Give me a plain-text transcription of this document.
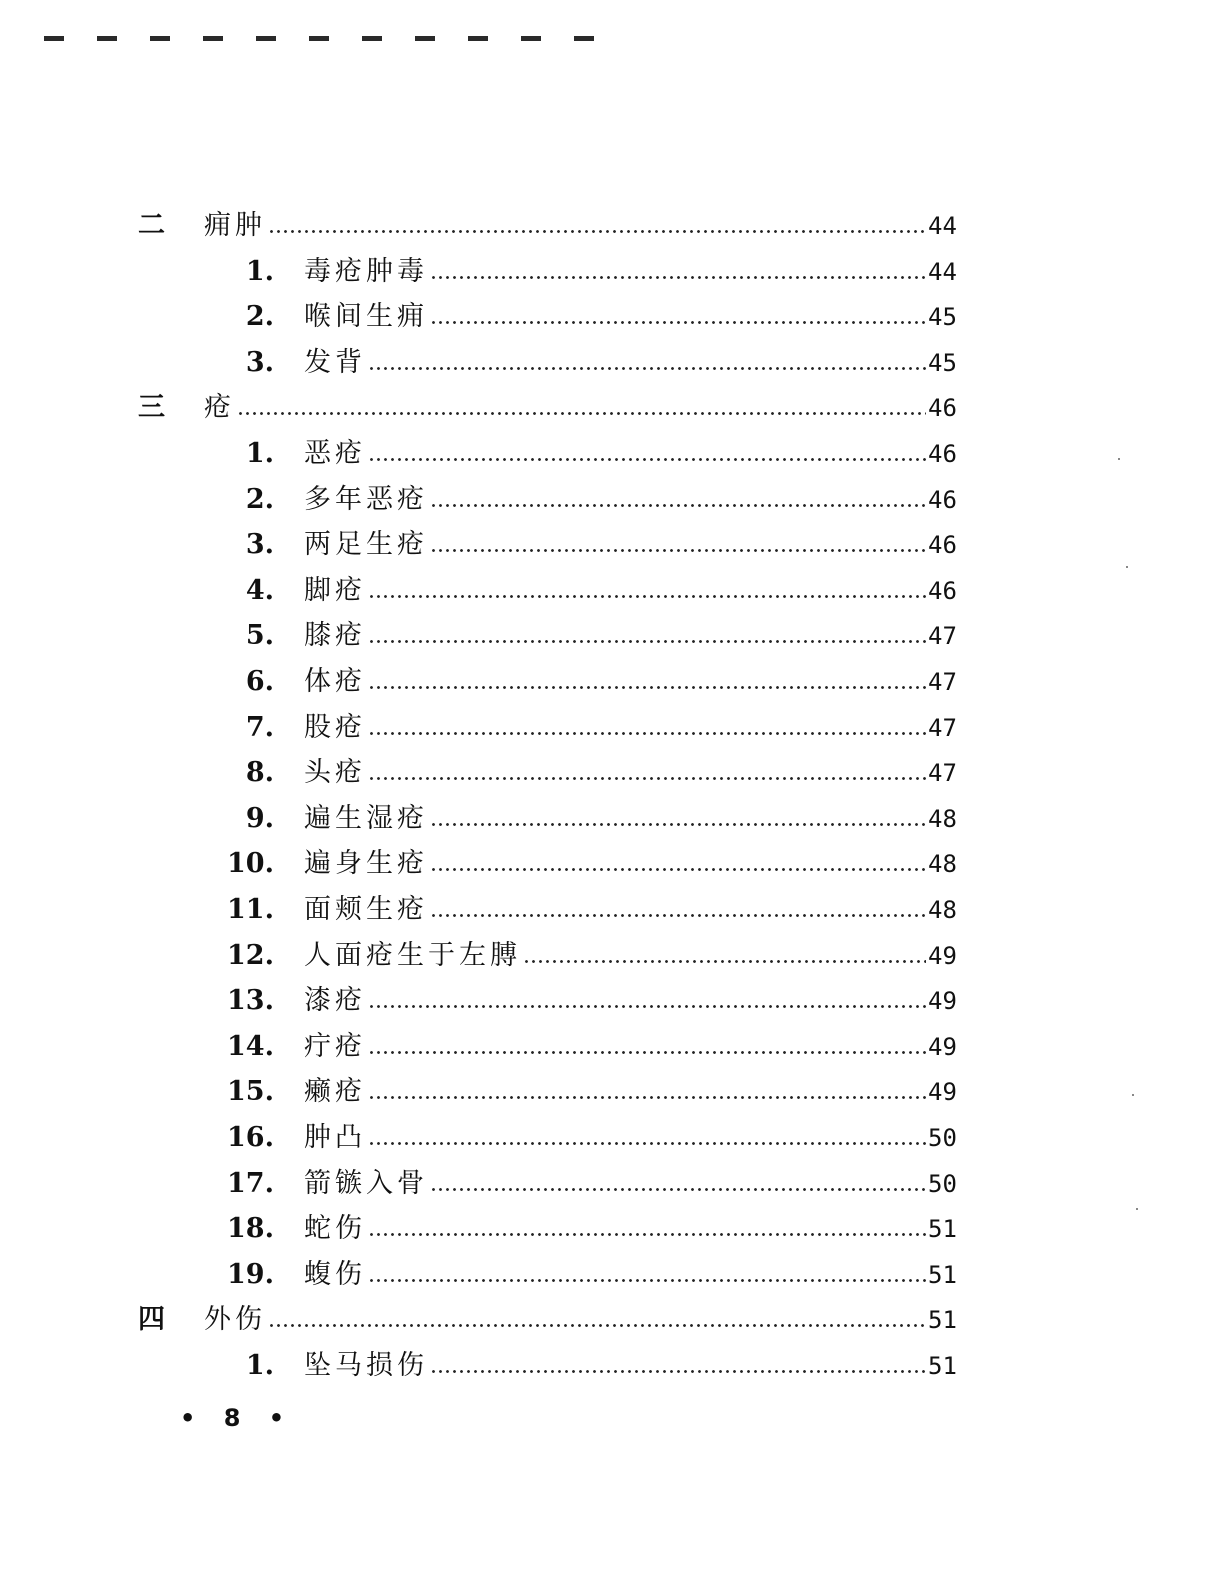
二 痈肿	44
1. 毒疮肿毒	44
2. 喉间生痈	45
3. 发背	45
三 疮	46
1. 恶疮	46
2. 多年恶疮	46
3. 两足生疮	46
4. 脚疮	46
5. 膝疮	47
6. 体疮	47
7. 股疮	47
8. 头疮	47
9. 遍生湿疮	48
10. 遍身生疮	48
11. 面颊生疮	48
12. 人面疮生于左膊	49
13. 漆疮	49
14. 疔疮	49
15. 癞疮	49
16. 肿凸	50
17. 箭镞入骨	50
18. 蛇伤	51
19. 蝮伤	51
四 外伤	51
1. 坠马损伤	51
• 8 •
